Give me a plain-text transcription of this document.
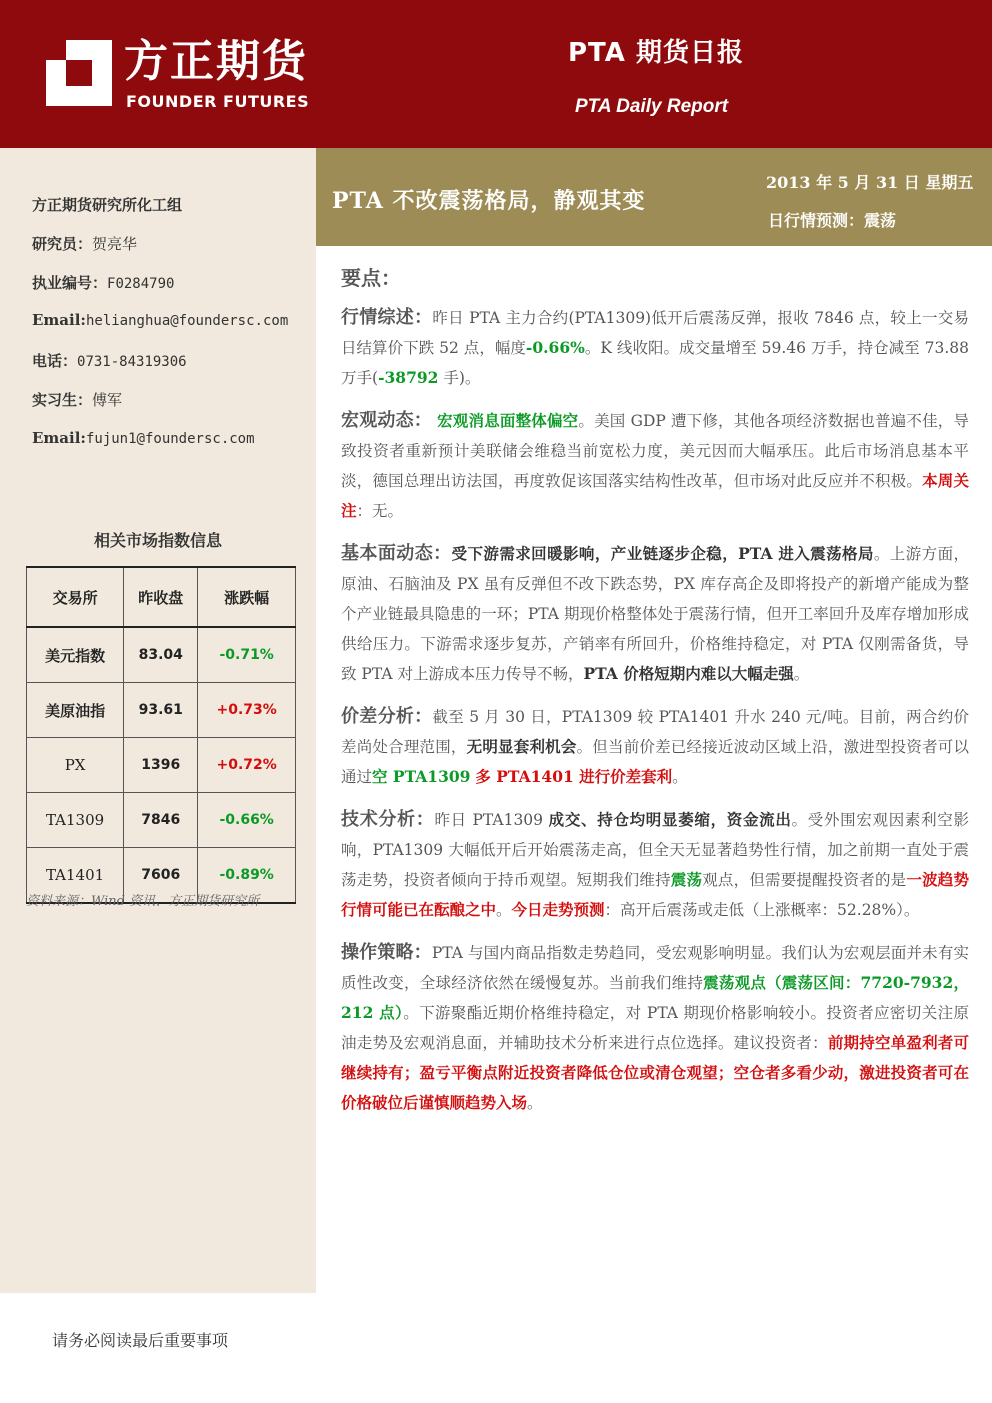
方正期货
FOUNDER FUTURES
PTA 期货日报
PTA Daily Report
方正期货研究所化工组
研究员：贺亮华
执业编号：F0284790
Email:helianghua@foundersc.com
电话：0731-84319306
实习生：傅军
Email:fujun1@foundersc.com
相关市场指数信息
交易所	昨收盘	涨跌幅
美元指数	83.04	-0.71%
美原油指	93.61	+0.73%
PX	1396	+0.72%
TA1309	7846	-0.66%
TA1401	7606	-0.89%
资料来源：Wind 资讯、方正期货研究所
PTA 不改震荡格局，静观其变
2013 年 5 月 31 日 星期五
日行情预测：震荡
要点：

行情综述：昨日 PTA 主力合约(PTA1309)低开后震荡反弹，报收 7846 点，较上一交易日结算价下跌 52 点，幅度-0.66%。K 线收阳。成交量增至 59.46 万手，持仓减至 73.88 万手(-38792 手)。

宏观动态： 宏观消息面整体偏空。美国 GDP 遭下修，其他各项经济数据也普遍不佳，导致投资者重新预计美联储会维稳当前宽松力度，美元因而大幅承压。此后市场消息基本平淡，德国总理出访法国，再度敦促该国落实结构性改革，但市场对此反应并不积极。本周关注：无。

基本面动态：受下游需求回暖影响，产业链逐步企稳，PTA 进入震荡格局。上游方面，原油、石脑油及 PX 虽有反弹但不改下跌态势，PX 库存高企及即将投产的新增产能成为整个产业链最具隐患的一环；PTA 期现价格整体处于震荡行情，但开工率回升及库存增加形成供给压力。下游需求逐步复苏，产销率有所回升，价格维持稳定，对 PTA 仅刚需备货，导致 PTA 对上游成本压力传导不畅，PTA 价格短期内难以大幅走强。

价差分析：截至 5 月 30 日，PTA1309 较 PTA1401 升水 240 元/吨。目前，两合约价差尚处合理范围，无明显套利机会。但当前价差已经接近波动区域上沿，激进型投资者可以通过空 PTA1309 多 PTA1401 进行价差套利。

技术分析：昨日 PTA1309 成交、持仓均明显萎缩，资金流出。受外围宏观因素利空影响，PTA1309 大幅低开后开始震荡走高，但全天无显著趋势性行情，加之前期一直处于震荡走势，投资者倾向于持币观望。短期我们维持震荡观点，但需要提醒投资者的是一波趋势行情可能已在酝酿之中。今日走势预测：高开后震荡或走低（上涨概率：52.28%）。

操作策略：PTA 与国内商品指数走势趋同，受宏观影响明显。我们认为宏观层面并未有实质性改变，全球经济依然在缓慢复苏。当前我们维持震荡观点（震荡区间：7720-7932，212 点）。下游聚酯近期价格维持稳定，对 PTA 期现价格影响较小。投资者应密切关注原油走势及宏观消息面，并辅助技术分析来进行点位选择。建议投资者：前期持空单盈利者可继续持有；盈亏平衡点附近投资者降低仓位或清仓观望；空仓者多看少动，激进投资者可在价格破位后谨慎顺趋势入场。

请务必阅读最后重要事项
